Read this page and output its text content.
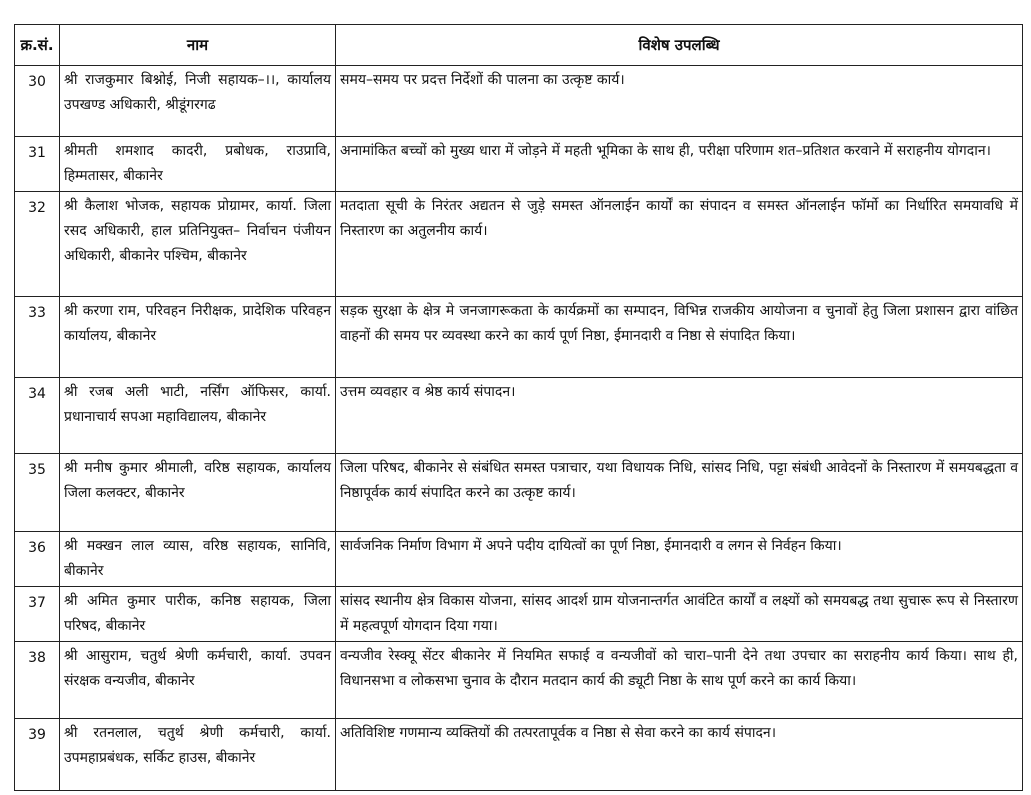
क्र.सं.	नाम	विशेष उपलब्धि
30	श्री राजकुमार बिश्नोई, निजी सहायक–।।, कार्यालय उपखण्ड अधिकारी, श्रीडूंगरगढ	समय–समय पर प्रदत्त निर्देशों की पालना का उत्कृष्ट कार्य।
31	श्रीमती शमशाद कादरी, प्रबोधक, राउप्रावि, हिम्मतासर, बीकानेर	अनामांकित बच्चों को मुख्य धारा में जोड़ने में महती भूमिका के साथ ही, परीक्षा परिणाम शत–प्रतिशत करवाने में सराहनीय योगदान।
32	श्री कैलाश भोजक, सहायक प्रोग्रामर, कार्या. जिला रसद अधिकारी, हाल प्रतिनियुक्त– निर्वाचन पंजीयन अधिकारी, बीकानेर पश्चिम, बीकानेर	मतदाता सूची के निरंतर अद्यतन से जुड़े समस्त ऑनलाईन कार्यों का संपादन व समस्त ऑनलाईन फॉर्मो का निर्धारित समयावधि में निस्तारण का अतुलनीय कार्य।
33	श्री करणा राम, परिवहन निरीक्षक, प्रादेशिक परिवहन कार्यालय, बीकानेर	सड़क सुरक्षा के क्षेत्र मे जनजागरूकता के कार्यक्रमों का सम्पादन, विभिन्न राजकीय आयोजना व चुनावों हेतु जिला प्रशासन द्वारा वांछित वाहनों की समय पर व्यवस्था करने का कार्य पूर्ण निष्ठा, ईमानदारी व निष्ठा से संपादित किया।
34	श्री रजब अली भाटी, नर्सिंग ऑफिसर, कार्या. प्रधानाचार्य सपआ महाविद्यालय, बीकानेर	उत्तम व्यवहार व श्रेष्ठ कार्य संपादन।
35	श्री मनीष कुमार श्रीमाली, वरिष्ठ सहायक, कार्यालय जिला कलक्टर, बीकानेर	जिला परिषद, बीकानेर से संबंधित समस्त पत्राचार, यथा विधायक निधि, सांसद निधि, पट्टा संबंधी आवेदनों के निस्तारण में समयबद्धता व निष्ठापूर्वक कार्य संपादित करने का उत्कृष्ट कार्य।
36	श्री मक्खन लाल व्यास, वरिष्ठ सहायक, सानिवि, बीकानेर	सार्वजनिक निर्माण विभाग में अपने पदीय दायित्वों का पूर्ण निष्ठा, ईमानदारी व लगन से निर्वहन किया।
37	श्री अमित कुमार पारीक, कनिष्ठ सहायक, जिला परिषद, बीकानेर	सांसद स्थानीय क्षेत्र विकास योजना, सांसद आदर्श ग्राम योजनान्तर्गत आवंटित कार्यों व लक्ष्यों को समयबद्ध तथा सुचारू रूप से निस्तारण में महत्वपूर्ण योगदान दिया गया।
38	श्री आसुराम, चतुर्थ श्रेणी कर्मचारी, कार्या. उपवन संरक्षक वन्यजीव, बीकानेर	वन्यजीव रेस्क्यू सेंटर बीकानेर में नियमित सफाई व वन्यजीवों को चारा–पानी देने तथा उपचार का सराहनीय कार्य किया। साथ ही, विधानसभा व लोकसभा चुनाव के दौरान मतदान कार्य की ड्यूटी निष्ठा के साथ पूर्ण करने का कार्य किया।
39	श्री रतनलाल, चतुर्थ श्रेणी कर्मचारी, कार्या. उपमहाप्रबंधक, सर्किट हाउस, बीकानेर	अतिविशिष्ट गणमान्य व्यक्तियों की तत्परतापूर्वक व निष्ठा से सेवा करने का कार्य संपादन।
